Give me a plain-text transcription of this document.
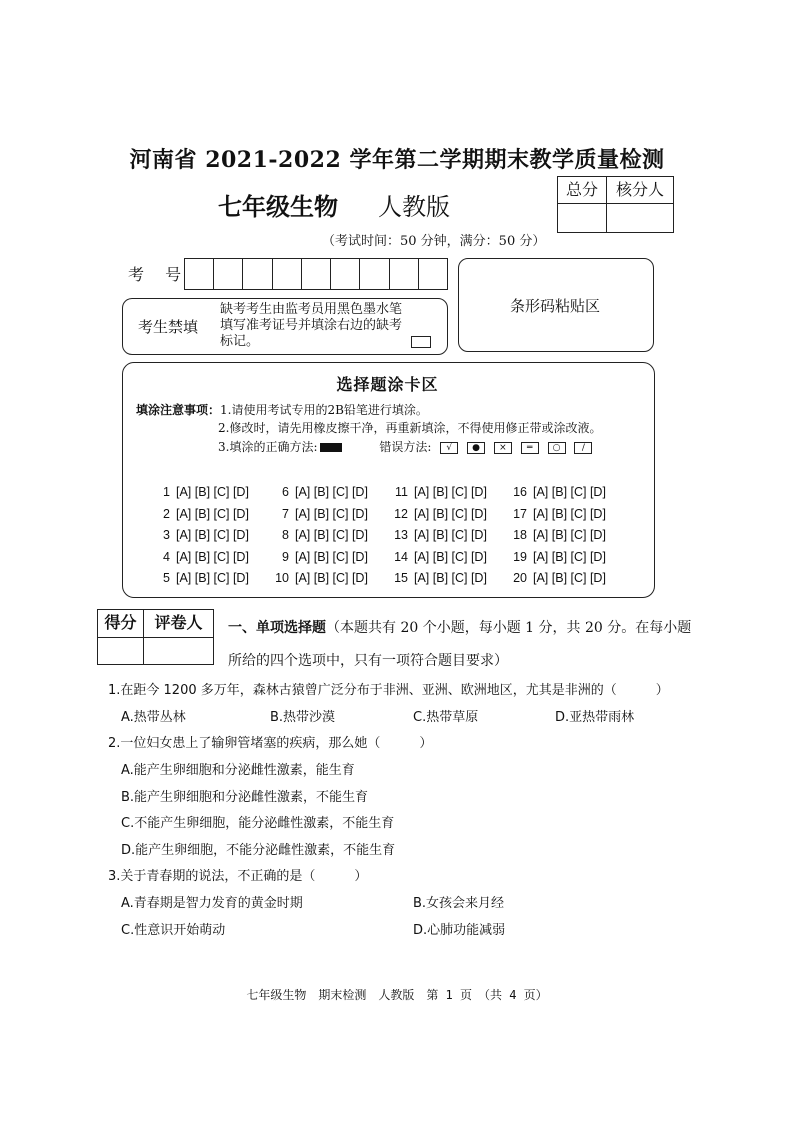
河南省 2021-2022 学年第二学期期末教学质量检测
七年级生物 人教版
总分	核分人
（考试时间：50 分钟，满分：50 分）
考 号
考生禁填
缺考考生由监考员用黑色墨水笔填写准考证号并填涂右边的缺考标记。
条形码粘贴区
选择题涂卡区
填涂注意事项：1.请使用考试专用的2B铅笔进行填涂。
2.修改时，请先用橡皮擦干净，再重新填涂，不得使用修正带或涂改液。
3.填涂的正确方法:	错误方法: √ ● × ═ ○ ∕
1 [A] [B] [C] [D]	6 [A] [B] [C] [D]	11 [A] [B] [C] [D]	16 [A] [B] [C] [D]
2 [A] [B] [C] [D]	7 [A] [B] [C] [D]	12 [A] [B] [C] [D]	17 [A] [B] [C] [D]
3 [A] [B] [C] [D]	8 [A] [B] [C] [D]	13 [A] [B] [C] [D]	18 [A] [B] [C] [D]
4 [A] [B] [C] [D]	9 [A] [B] [C] [D]	14 [A] [B] [C] [D]	19 [A] [B] [C] [D]
5 [A] [B] [C] [D]	10 [A] [B] [C] [D]	15 [A] [B] [C] [D]	20 [A] [B] [C] [D]
得分	评卷人	一、单项选择题（本题共有 20 个小题，每小题 1 分，共 20 分。在每小题
所给的四个选项中，只有一项符合题目要求）
1.在距今 1200 多万年，森林古猿曾广泛分布于非洲、亚洲、欧洲地区，尤其是非洲的（　　　）
A.热带丛林	B.热带沙漠	C.热带草原	D.亚热带雨林
2.一位妇女患上了输卵管堵塞的疾病，那么她（　　　）
A.能产生卵细胞和分泌雌性激素，能生育
B.能产生卵细胞和分泌雌性激素，不能生育
C.不能产生卵细胞，能分泌雌性激素，不能生育
D.能产生卵细胞，不能分泌雌性激素，不能生育
3.关于青春期的说法，不正确的是（　　　）
A.青春期是智力发育的黄金时期	B.女孩会来月经
C.性意识开始萌动	D.心肺功能减弱
七年级生物　期末检测　人教版　第 1 页　（共 4 页）
